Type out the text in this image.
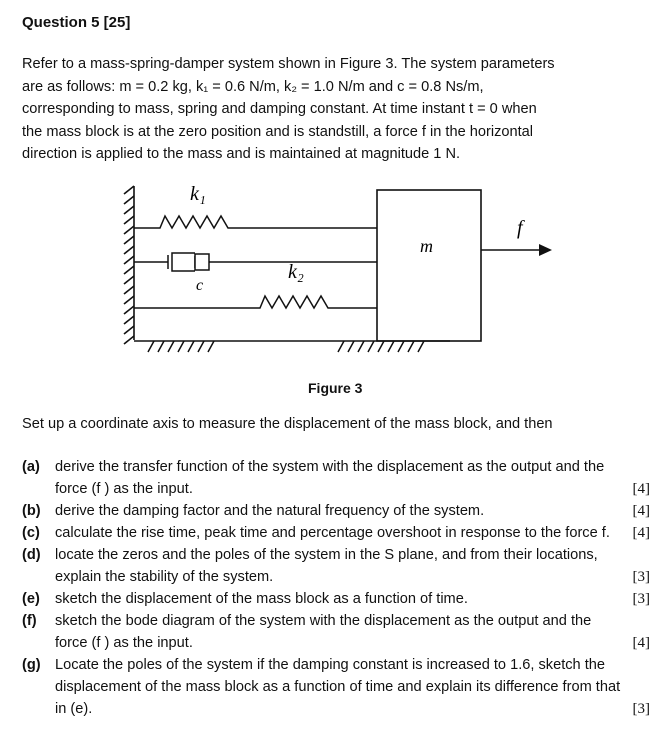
Question 5 [25]
Refer to a mass-spring-damper system shown in Figure 3. The system parameters
are as follows: m = 0.2 kg, k₁ = 0.6 N/m, k₂ = 1.0 N/m and c = 0.8 Ns/m,
corresponding to mass, spring and damping constant. At time instant t = 0 when
the mass block is at the zero position and is standstill, a force f in the horizontal
direction is applied to the mass and is maintained at magnitude 1 N.
k₁
c
k₂
m
f
Figure 3
Set up a coordinate axis to measure the displacement of the mass block, and then
(a) derive the transfer function of the system with the displacement as the output and the force (f ) as the input.	[4]
(b) derive the damping factor and the natural frequency of the system.	[4]
(c) calculate the rise time, peak time and percentage overshoot in response to the force f.	[4]
(d) locate the zeros and the poles of the system in the S plane, and from their locations, explain the stability of the system.	[3]
(e) sketch the displacement of the mass block as a function of time.	[3]
(f) sketch the bode diagram of the system with the displacement as the output and the force (f ) as the input.	[4]
(g) Locate the poles of the system if the damping constant is increased to 1.6, sketch the displacement of the mass block as a function of time and explain its difference from that in (e).	[3]
